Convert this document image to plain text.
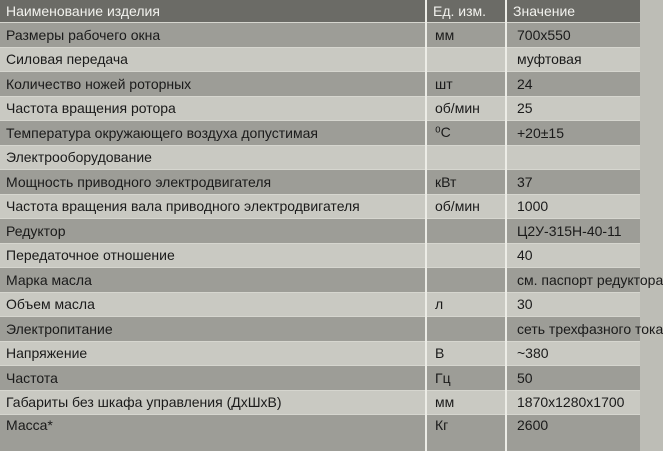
Наименование изделия	Ед. изм.	Значение
Размеры рабочего окна	мм	700х550
Силовая передача		муфтовая
Количество ножей роторных	шт	24
Частота вращения ротора	об/мин	25
Температура окружающего воздуха допустимая	⁰С	+20±15
Электрооборудование		
Мощность приводного электродвигателя	кВт	37
Частота вращения вала приводного электродвигателя	об/мин	1000
Редуктор		Ц2У-315Н-40-11
Передаточное отношение		40
Марка масла		см. паспорт редуктора
Объем масла	л	30
Электропитание		сеть трехфазного тока
Напряжение	В	~380
Частота	Гц	50
Габариты без шкафа управления (ДхШхВ)	мм	1870х1280х1700
Масса*	Кг	2600
